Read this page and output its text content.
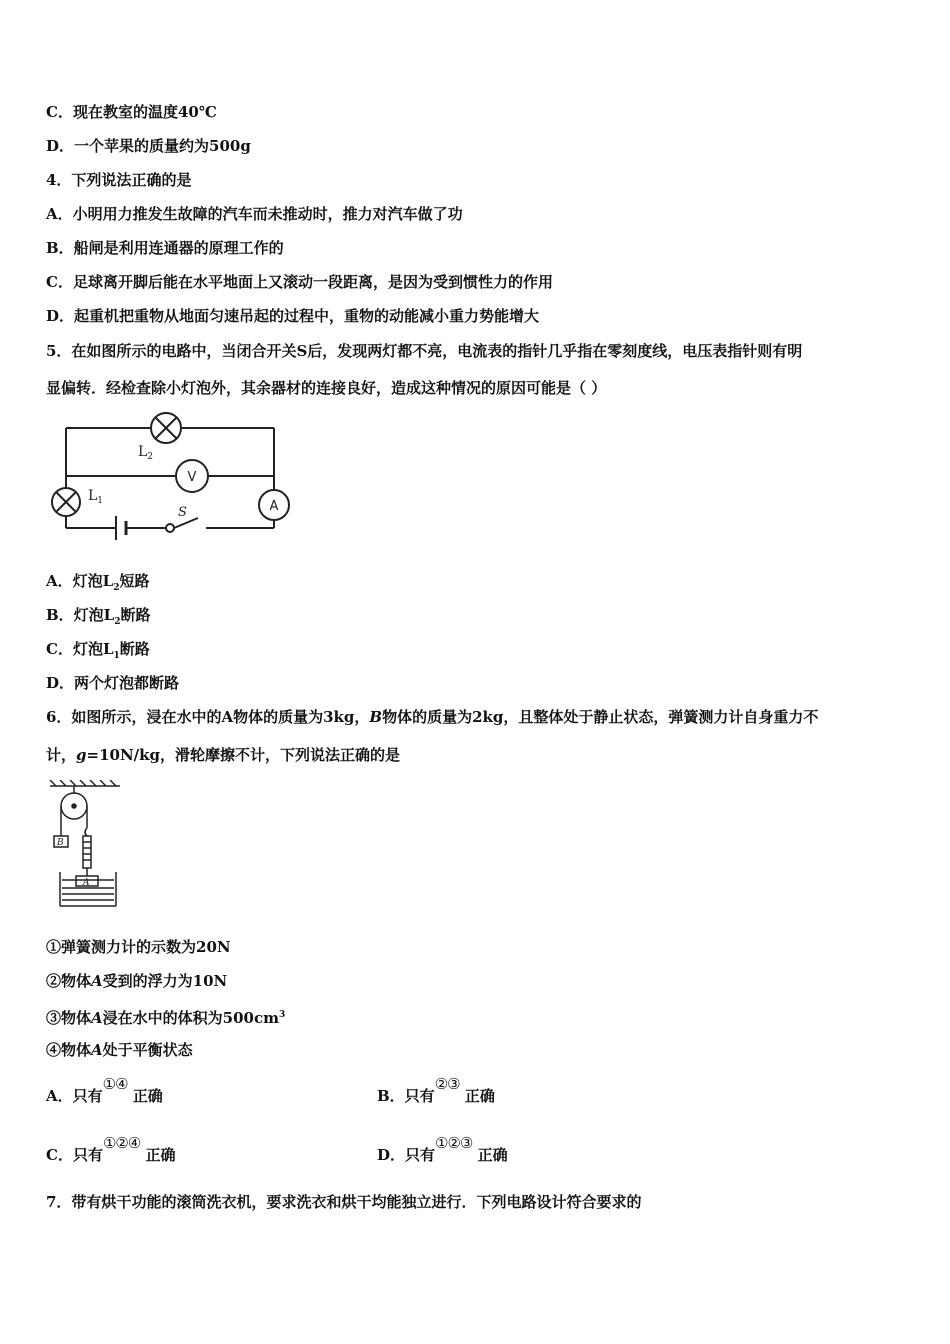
C．现在教室的温度40℃
D．一个苹果的质量约为500g
4．下列说法正确的是
A．小明用力推发生故障的汽车而未推动时，推力对汽车做了功
B．船闸是利用连通器的原理工作的
C．足球离开脚后能在水平地面上又滚动一段距离，是因为受到惯性力的作用
D．起重机把重物从地面匀速吊起的过程中，重物的动能减小重力势能增大
5．在如图所示的电路中，当闭合开关S后，发现两灯都不亮，电流表的指针几乎指在零刻度线，电压表指针则有明
显偏转．经检查除小灯泡外，其余器材的连接良好，造成这种情况的原因可能是（ ）
$L_2$
$L_1$
V
A
S
A．灯泡$L_2$短路
B．灯泡$L_2$断路
C．灯泡$L_1$断路
D．两个灯泡都断路
6．如图所示，浸在水中的A物体的质量为3kg，B物体的质量为2kg，且整体处于静止状态，弹簧测力计自身重力不
计，g=10N/kg，滑轮摩擦不计，下列说法正确的是
B
A
①弹簧测力计的示数为20N
②物体A受到的浮力为10N
③物体A浸在水中的体积为$500cm^3$
④物体A处于平衡状态
A．只有①④ 正确	B．只有②③ 正确
C．只有①②④ 正确	D．只有①②③ 正确
7．带有烘干功能的滚筒洗衣机，要求洗衣和烘干均能独立进行．下列电路设计符合要求的
